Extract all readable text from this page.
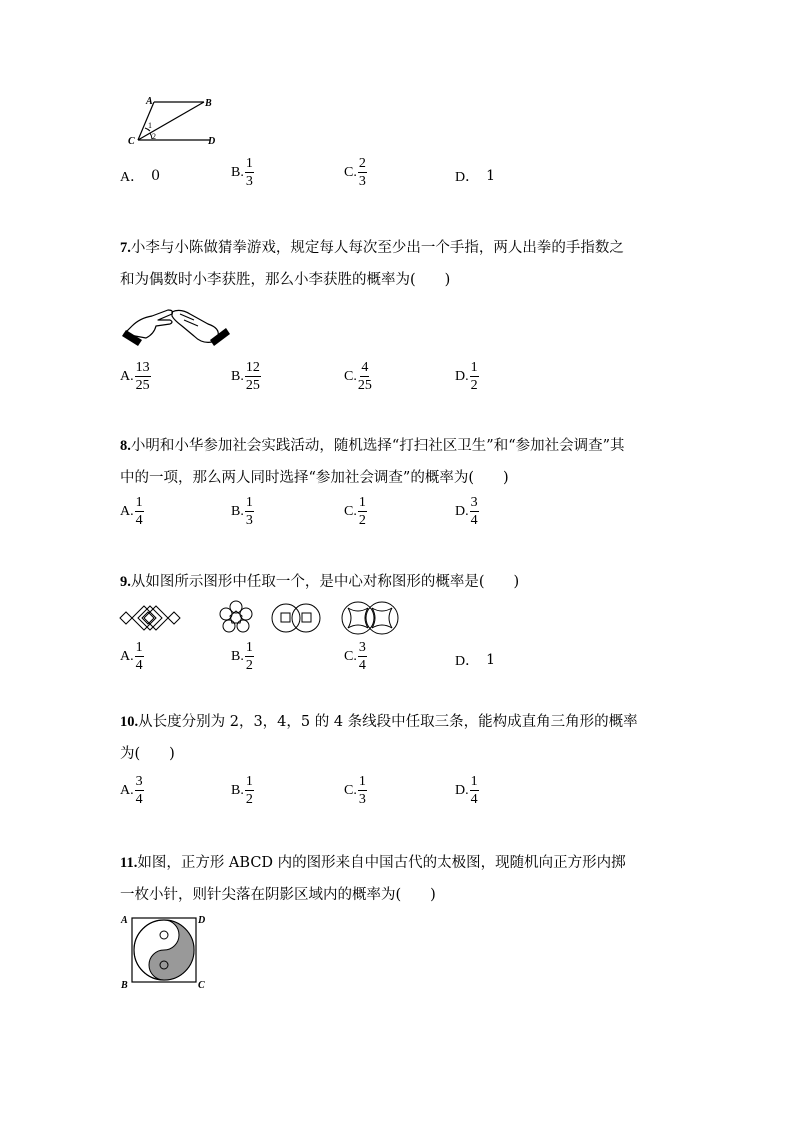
A	B
C	D
1
2
A． 0	B. $\frac{1}{3}$	C. $\frac{2}{3}$	D． 1
7.小李与小陈做猜拳游戏，规定每人每次至少出一个手指，两人出拳的手指数之
和为偶数时小李获胜，那么小李获胜的概率为(　　)
A. $\frac{13}{25}$	B. $\frac{12}{25}$	C. $\frac{4}{25}$	D. $\frac{1}{2}$
8.小明和小华参加社会实践活动，随机选择“打扫社区卫生”和“参加社会调查”其
中的一项，那么两人同时选择“参加社会调查”的概率为(　　)
A. $\frac{1}{4}$	B. $\frac{1}{3}$	C. $\frac{1}{2}$	D. $\frac{3}{4}$
9.从如图所示图形中任取一个，是中心对称图形的概率是(　　)
A. $\frac{1}{4}$	B. $\frac{1}{2}$	C. $\frac{3}{4}$	D． 1
10.从长度分别为 2，3，4，5 的 4 条线段中任取三条，能构成直角三角形的概率
为(　　)
A. $\frac{3}{4}$	B. $\frac{1}{2}$	C. $\frac{1}{3}$	D. $\frac{1}{4}$
11.如图，正方形 ABCD 内的图形来自中国古代的太极图，现随机向正方形内掷
一枚小针，则针尖落在阴影区域内的概率为(　　)
A	D
B	C
